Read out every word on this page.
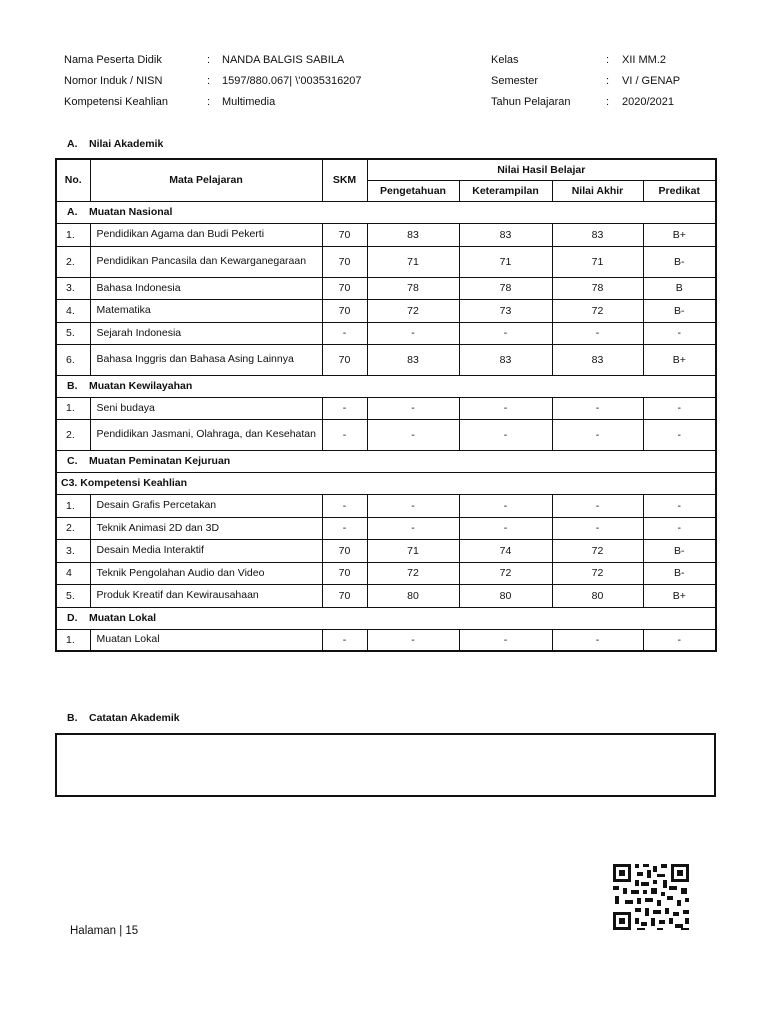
Nama Peserta Didik	: NANDA BALGIS SABILA
Nomor Induk / NISN	: 1597/880.067| \'0035316207
Kompetensi Keahlian	: Multimedia
Kelas	: XII MM.2
Semester	: VI / GENAP
Tahun Pelajaran	: 2020/2021
A. Nilai Akademik
No.	Mata Pelajaran	SKM	Nilai Hasil Belajar			
			Pengetahuan	Keterampilan	Nilai Akhir	Predikat
A. Muatan Nasional						
1.	Pendidikan Agama dan Budi Pekerti	70	83	83	83	B+
2.	Pendidikan Pancasila dan Kewarganegaraan	70	71	71	71	B-
3.	Bahasa Indonesia	70	78	78	78	B
4.	Matematika	70	72	73	72	B-
5.	Sejarah Indonesia	-	-	-	-	-
6.	Bahasa Inggris dan Bahasa Asing Lainnya	70	83	83	83	B+
B. Muatan Kewilayahan						
1.	Seni budaya	-	-	-	-	-
2.	Pendidikan Jasmani, Olahraga, dan Kesehatan	-	-	-	-	-
C. Muatan Peminatan Kejuruan						
C3. Kompetensi Keahlian						
1.	Desain Grafis Percetakan	-	-	-	-	-
2.	Teknik Animasi 2D dan 3D	-	-	-	-	-
3.	Desain Media Interaktif	70	71	74	72	B-
4	Teknik Pengolahan Audio dan Video	70	72	72	72	B-
5.	Produk Kreatif dan Kewirausahaan	70	80	80	80	B+
D. Muatan Lokal						
1.	Muatan Lokal	-	-	-	-	-
B. Catatan Akademik
Halaman | 15
